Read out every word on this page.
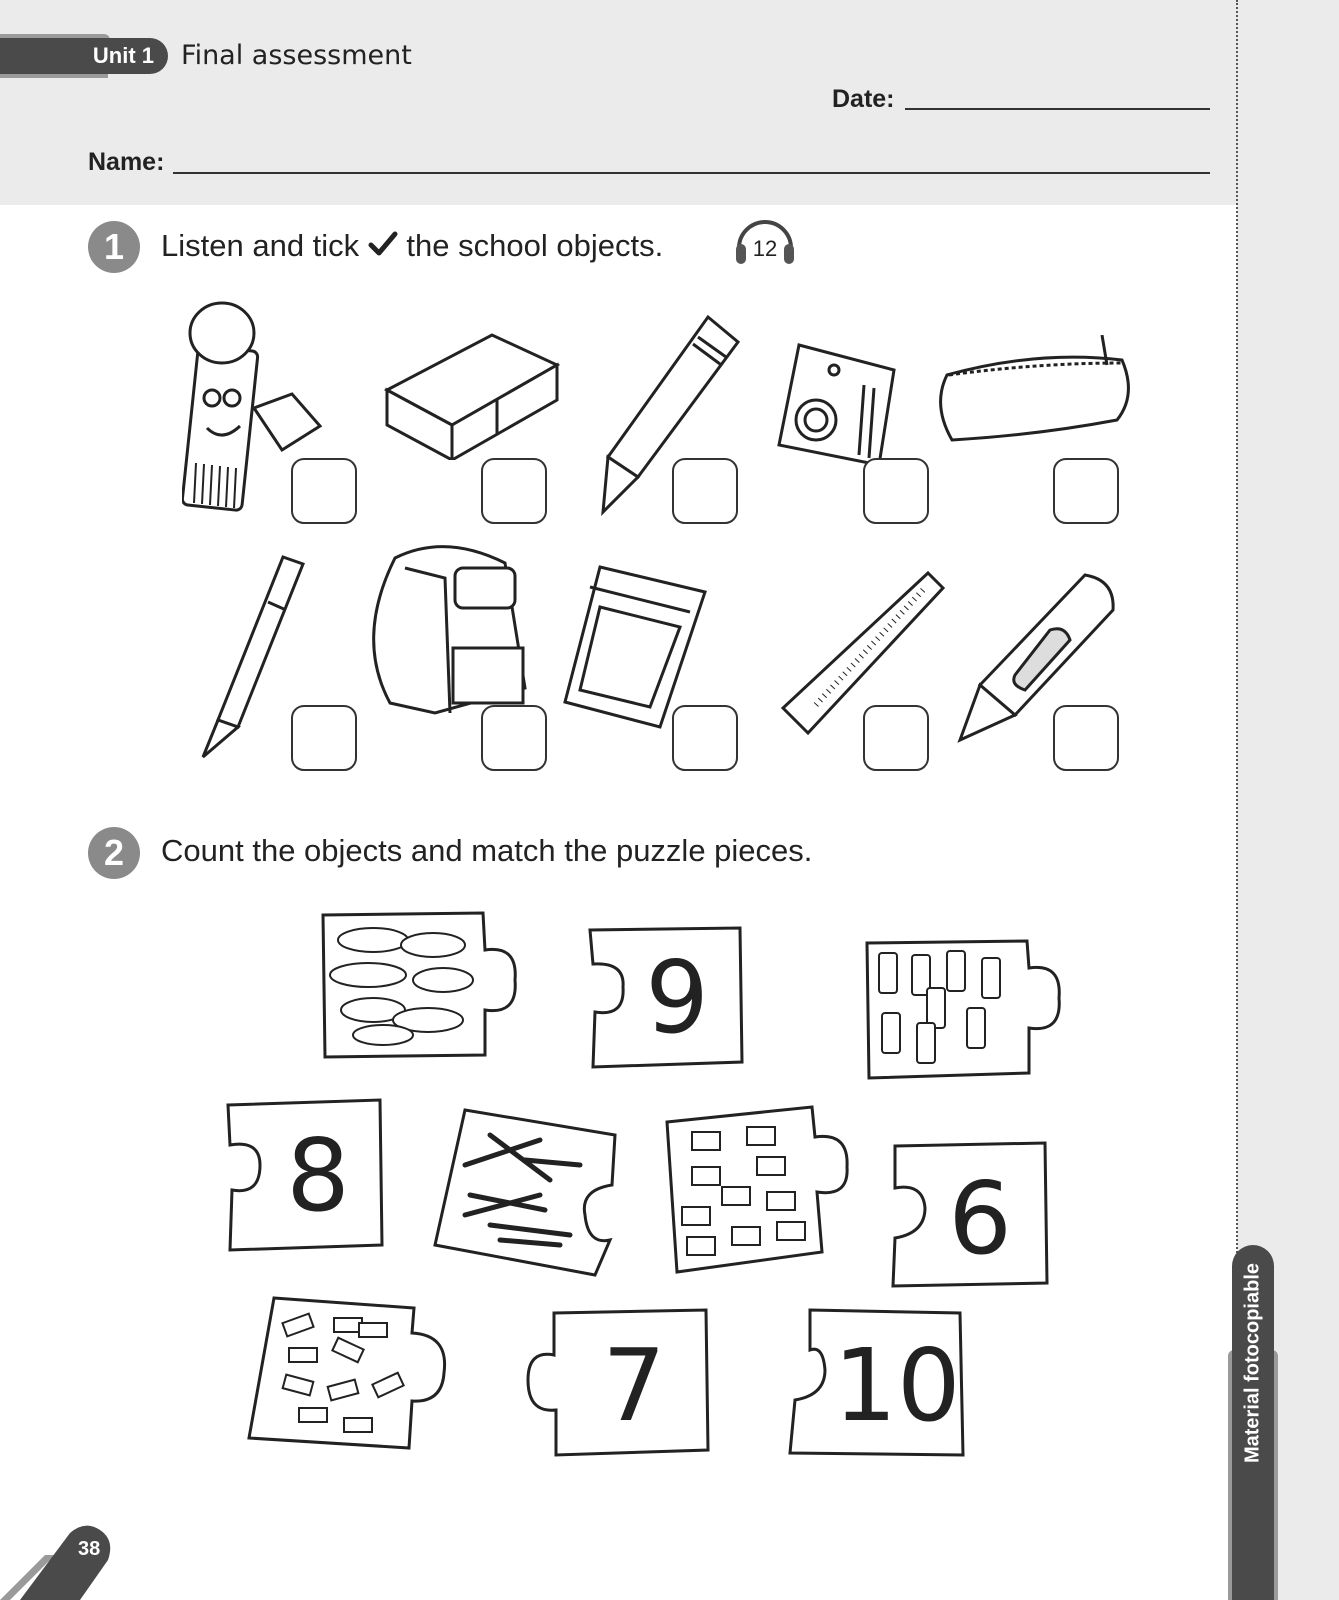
Unit 1	Final assessment
Date:
Name:
1	Listen and tick the school objects.	12
2	Count the objects and match the puzzle pieces.
9
8	6
7 10	Material fotocopiable
38
